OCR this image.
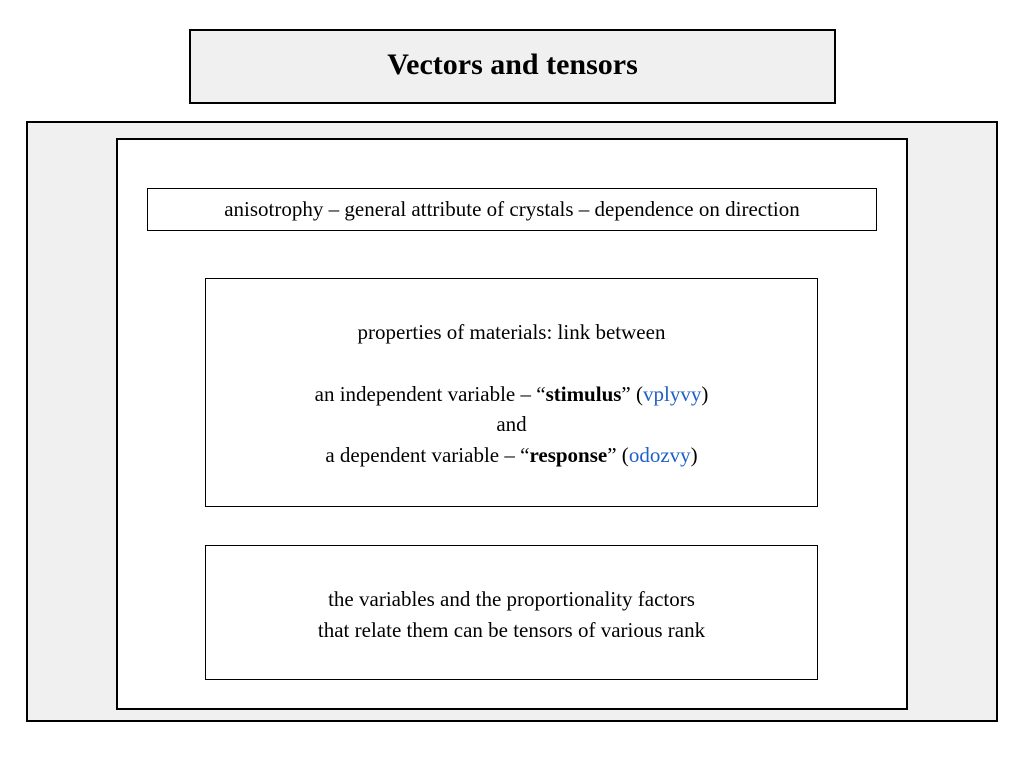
Vectors and tensors
anisotrophy – general attribute of crystals – dependence on direction
properties of materials: link between
an independent variable – “stimulus” (vplyvy)
and
a dependent variable – “response” (odozvy)
the variables and the proportionality factors
that relate them can be tensors of various rank
